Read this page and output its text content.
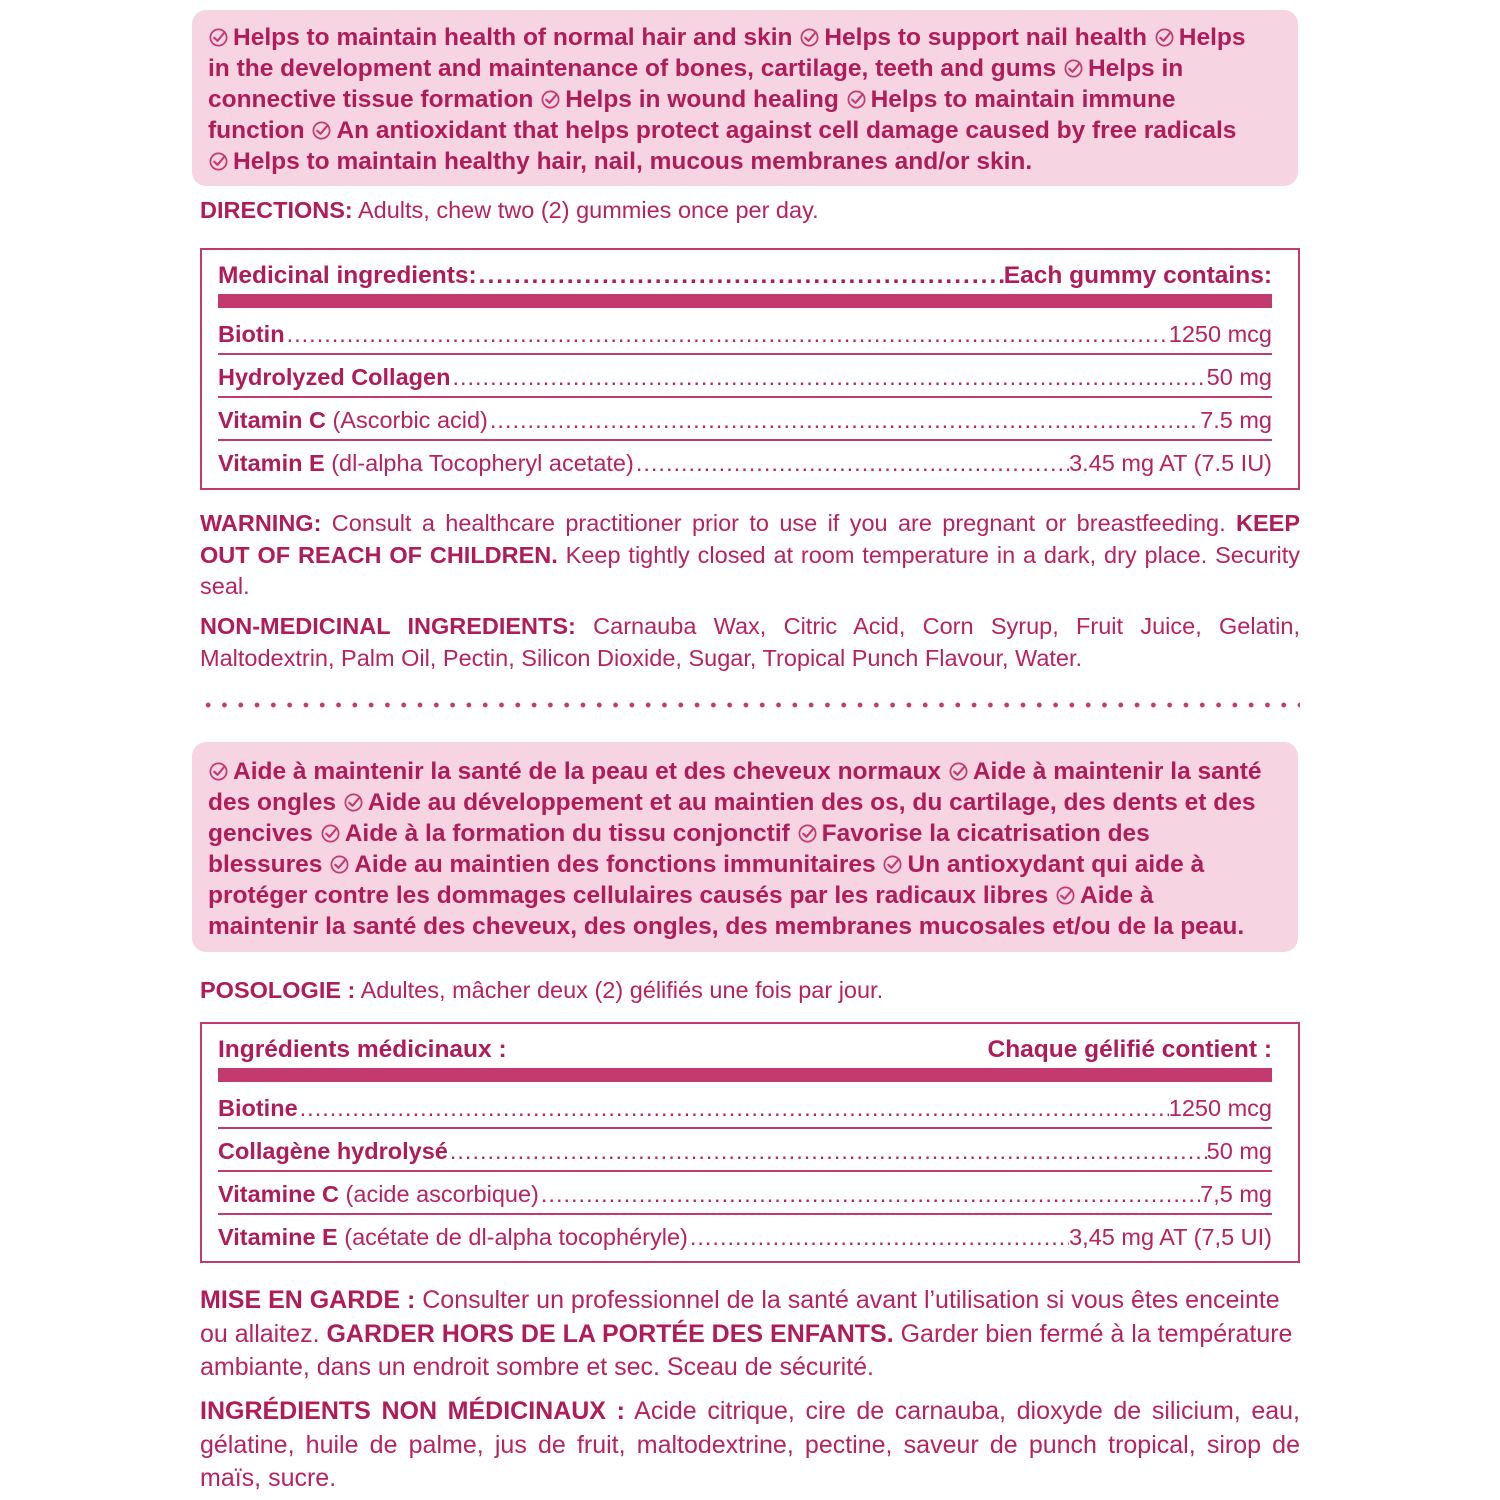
Helps to maintain health of normal hair and skin Helps to support nail health Helps in the development and maintenance of bones, cartilage, teeth and gums Helps in connective tissue formation Helps in wound healing Helps to maintain immune function An antioxidant that helps protect against cell damage caused by free radicals
Helps to maintain healthy hair, nail, mucous membranes and/or skin.
DIRECTIONS: Adults, chew two (2) gummies once per day.
Medicinal ingredients: .....	Each gummy contains:
Biotin .....	1250 mcg
Hydrolyzed Collagen .....	50 mg
Vitamin C (Ascorbic acid) .....	7.5 mg
Vitamin E (dl-alpha Tocopheryl acetate) .....	3.45 mg AT (7.5 IU)
WARNING: Consult a healthcare practitioner prior to use if you are pregnant or breastfeeding. KEEP OUT OF REACH OF CHILDREN. Keep tightly closed at room temperature in a dark, dry place. Security seal.
NON-MEDICINAL INGREDIENTS: Carnauba Wax, Citric Acid, Corn Syrup, Fruit Juice, Gelatin, Maltodextrin, Palm Oil, Pectin, Silicon Dioxide, Sugar, Tropical Punch Flavour, Water.
Aide à maintenir la santé de la peau et des cheveux normaux Aide à maintenir la santé des ongles Aide au développement et au maintien des os, du cartilage, des dents et des gencives Aide à la formation du tissu conjonctif Favorise la cicatrisation des blessures Aide au maintien des fonctions immunitaires Un antioxydant qui aide à protéger contre les dommages cellulaires causés par les radicaux libres Aide à maintenir la santé des cheveux, des ongles, des membranes mucosales et/ou de la peau.
POSOLOGIE : Adultes, mâcher deux (2) gélifiés une fois par jour.
Ingrédients médicinaux :	Chaque gélifié contient :
Biotine .....	1250 mcg
Collagène hydrolysé .....	50 mg
Vitamine C (acide ascorbique) .....	7,5 mg
Vitamine E (acétate de dl-alpha tocophéryle) .....	3,45 mg AT (7,5 UI)
MISE EN GARDE : Consulter un professionnel de la santé avant l’utilisation si vous êtes enceinte ou allaitez. GARDER HORS DE LA PORTÉE DES ENFANTS. Garder bien fermé à la température ambiante, dans un endroit sombre et sec. Sceau de sécurité.
INGRÉDIENTS NON MÉDICINAUX : Acide citrique, cire de carnauba, dioxyde de silicium, eau, gélatine, huile de palme, jus de fruit, maltodextrine, pectine, saveur de punch tropical, sirop de maïs, sucre.
